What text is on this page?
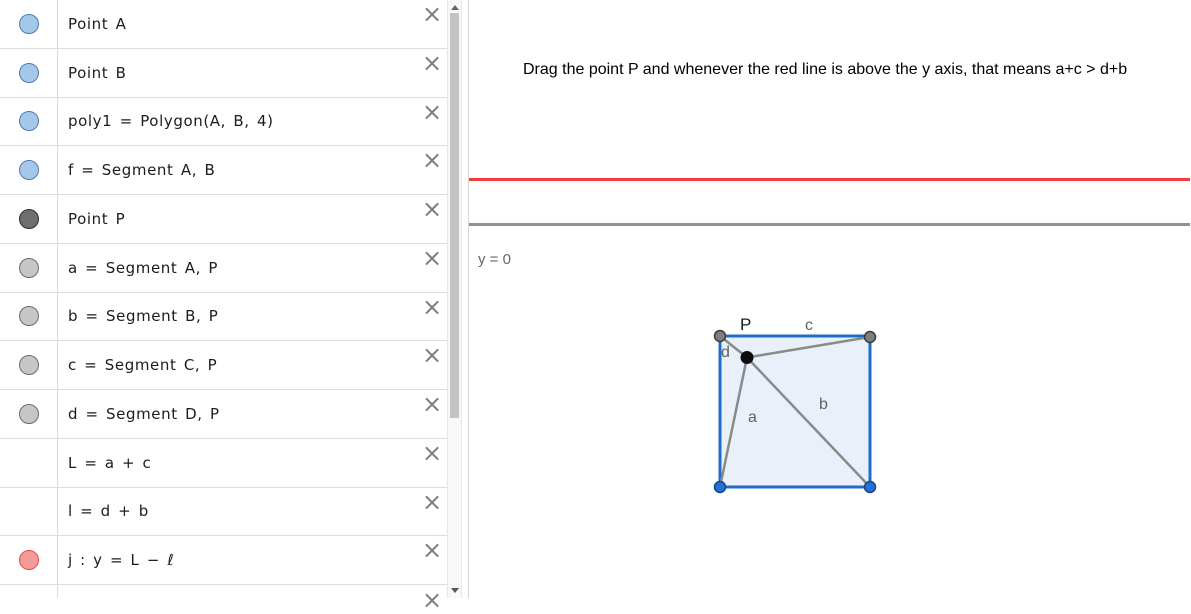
Point A	×
Point B	×
poly1 = Polygon(A, B, 4)	×
f = Segment A, B	×
Point P	×
a = Segment A, P	×
b = Segment B, P	×
c = Segment C, P	×
d = Segment D, P	×
L = a + c	×
l = d + b	×
j : y = L − ℓ	×
×
Drag the point P and whenever the red line is above the y axis, that means a+c > d+b
y = 0
P	c
d
a
b
